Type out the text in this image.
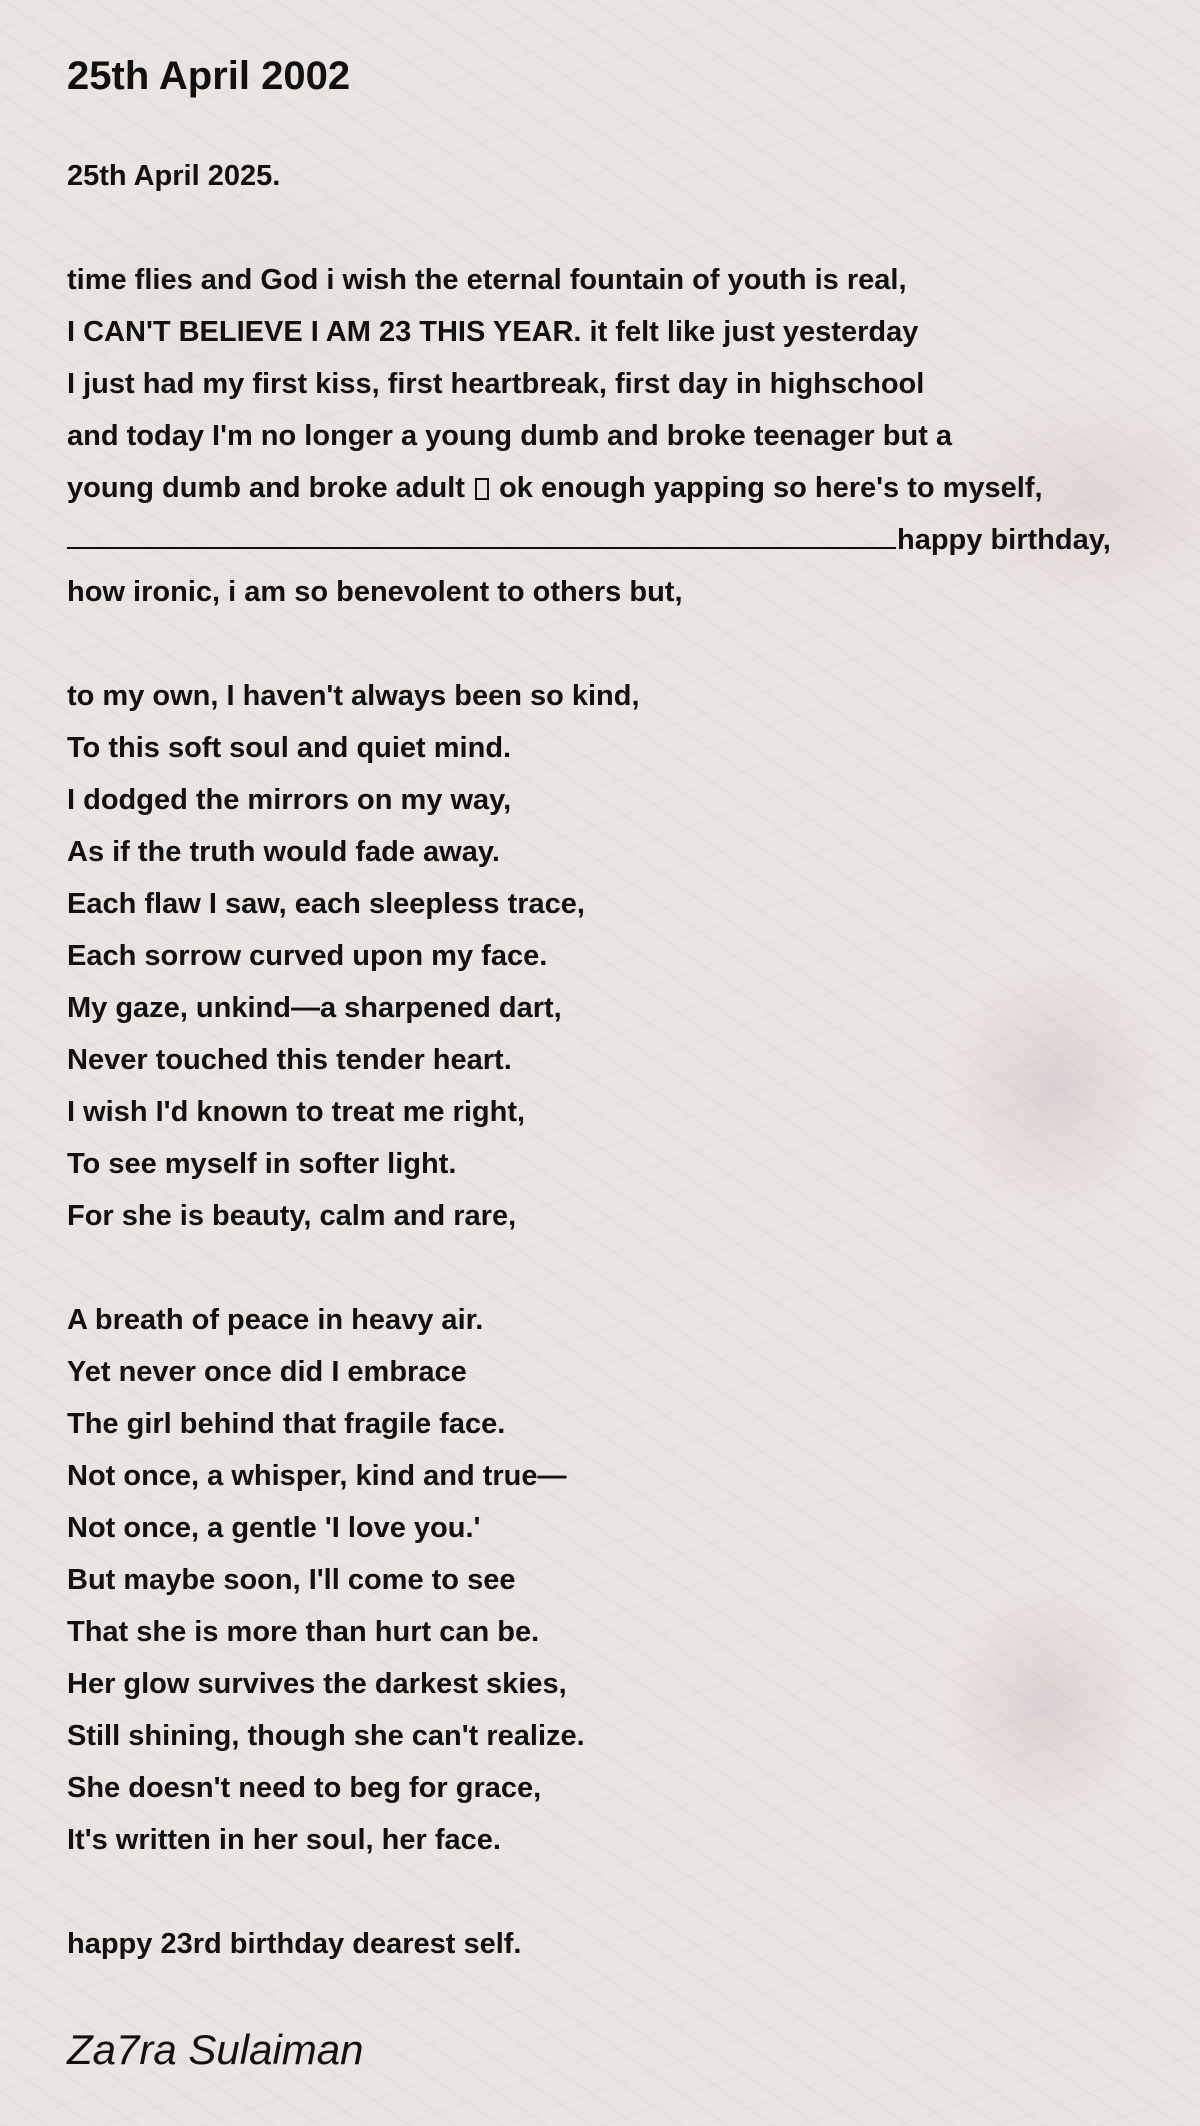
25th April 2002
25th April 2025.
time flies and God i wish the eternal fountain of youth is real,
I CAN'T BELIEVE I AM 23 THIS YEAR. it felt like just yesterday
I just had my first kiss, first heartbreak, first day in highschool
and today I'm no longer a young dumb and broke teenager but a
young dumb and broke adult ok enough yapping so here's to myself,
happy birthday,
how ironic, i am so benevolent to others but,
to my own, I haven't always been so kind,
To this soft soul and quiet mind.
I dodged the mirrors on my way,
As if the truth would fade away.
Each flaw I saw, each sleepless trace,
Each sorrow curved upon my face.
My gaze, unkind—a sharpened dart,
Never touched this tender heart.
I wish I'd known to treat me right,
To see myself in softer light.
For she is beauty, calm and rare,
A breath of peace in heavy air.
Yet never once did I embrace
The girl behind that fragile face.
Not once, a whisper, kind and true—
Not once, a gentle 'I love you.'
But maybe soon, I'll come to see
That she is more than hurt can be.
Her glow survives the darkest skies,
Still shining, though she can't realize.
She doesn't need to beg for grace,
It's written in her soul, her face.
happy 23rd birthday dearest self.
Za7ra Sulaiman
